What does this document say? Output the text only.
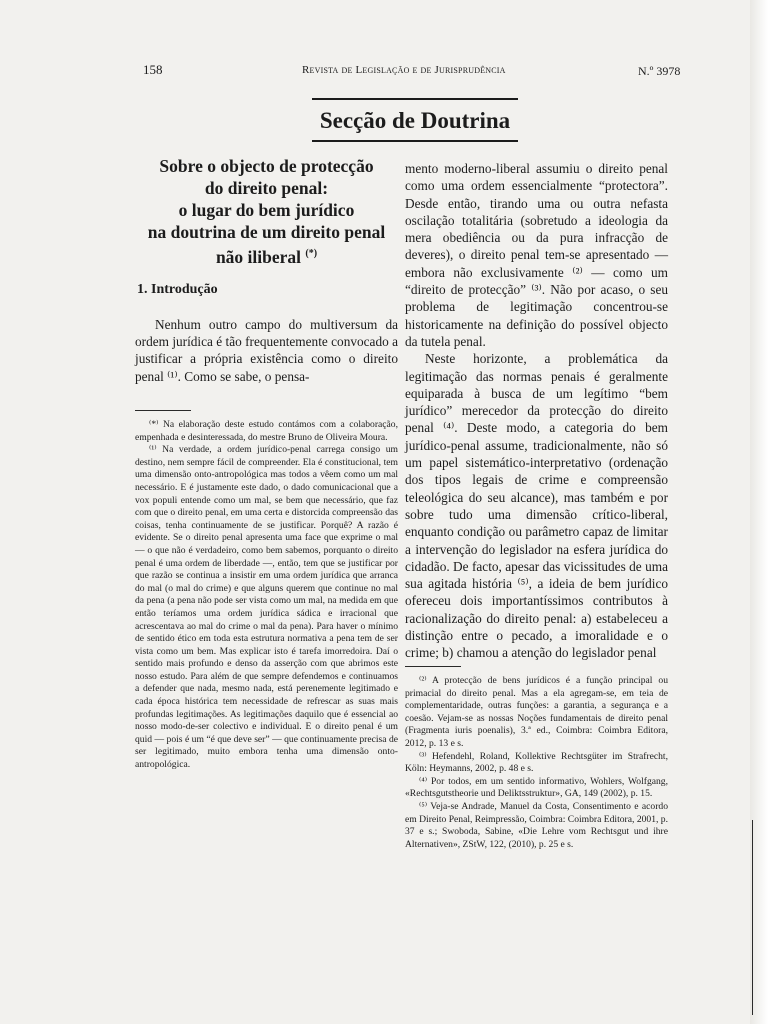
158	Revista de Legislação e de Jurisprudência	N.º 3978
Secção de Doutrina
Sobre o objecto de protecção
do direito penal:
o lugar do bem jurídico
na doutrina de um direito penal
não iliberal (*)
1. Introdução

Nenhum outro campo do multiversum da ordem jurídica é tão frequentemente convocado a justificar a própria existência como o direito penal ⁽¹⁾. Como se sabe, o pensa-

⁽*⁾ Na elaboração deste estudo contámos com a colaboração, empenhada e desinteressada, do mestre Bruno de Oliveira Moura.

⁽¹⁾ Na verdade, a ordem jurídico-penal carrega consigo um destino, nem sempre fácil de compreender. Ela é constitucional, tem uma dimensão onto-antropológica mas todos a vêem como um mal necessário. E é justamente este dado, o dado comunicacional que a vox populi entende como um mal, se bem que necessário, que faz com que o direito penal, em uma certa e distorcida compreensão das coisas, tenha continuamente de se justificar. Porquê? A razão é evidente. Se o direito penal apresenta uma face que exprime o mal — o que não é verdadeiro, como bem sabemos, porquanto o direito penal é uma ordem de liberdade —, então, tem que se justificar por que razão se continua a insistir em uma ordem jurídica que arranca do mal (o mal do crime) e que alguns querem que continue no mal da pena (a pena não pode ser vista como um mal, na medida em que então teríamos uma ordem jurídica sádica e irracional que acrescentava ao mal do crime o mal da pena). Para haver o mínimo de sentido ético em toda esta estrutura normativa a pena tem de ser vista como um bem. Mas explicar isto é tarefa imorredoira. Daí o sentido mais profundo e denso da asserção com que abrimos este nosso estudo. Para além de que sempre defendemos e continuamos a defender que nada, mesmo nada, está perenemente legitimado e cada época histórica tem necessidade de refrescar as suas mais profundas legitimações. As legitimações daquilo que é essencial ao nosso modo-de-ser colectivo e individual. E o direito penal é um quid — pois é um “é que deve ser” — que continuamente precisa de ser legitimado, muito embora tenha uma dimensão onto-antropológica.

mento moderno-liberal assumiu o direito penal como uma ordem essencialmente “protectora”. Desde então, tirando uma ou outra nefasta oscilação totalitária (sobretudo a ideologia da mera obediência ou da pura infracção de deveres), o direito penal tem-se apresentado — embora não exclusivamente ⁽²⁾ — como um “direito de protecção” ⁽³⁾. Não por acaso, o seu problema de legitimação concentrou-se historicamente na definição do possível objecto da tutela penal.

Neste horizonte, a problemática da legitimação das normas penais é geralmente equiparada à busca de um legítimo “bem jurídico” merecedor da protecção do direito penal ⁽⁴⁾. Deste modo, a categoria do bem jurídico-penal assume, tradicionalmente, não só um papel sistemático-interpretativo (ordenação dos tipos legais de crime e compreensão teleológica do seu alcance), mas também e por sobre tudo uma dimensão crítico-liberal, enquanto condição ou parâmetro capaz de limitar a intervenção do legislador na esfera jurídica do cidadão. De facto, apesar das vicissitudes de uma sua agitada história ⁽⁵⁾, a ideia de bem jurídico ofereceu dois importantíssimos contributos à racionalização do direito penal: a) estabeleceu a distinção entre o pecado, a imoralidade e o crime; b) chamou a atenção do legislador penal

⁽²⁾ A protecção de bens jurídicos é a função principal ou primacial do direito penal. Mas a ela agregam-se, em teia de complementaridade, outras funções: a garantia, a segurança e a coesão. Vejam-se as nossas Noções fundamentais de direito penal (Fragmenta iuris poenalis), 3.ª ed., Coimbra: Coimbra Editora, 2012, p. 13 e s.

⁽³⁾ Hefendehl, Roland, Kollektive Rechtsgüter im Strafrecht, Köln: Heymanns, 2002, p. 48 e s.

⁽⁴⁾ Por todos, em um sentido informativo, Wohlers, Wolfgang, «Rechtsgutstheorie und Deliktsstruktur», GA, 149 (2002), p. 15.

⁽⁵⁾ Veja-se Andrade, Manuel da Costa, Consentimento e acordo em Direito Penal, Reimpressão, Coimbra: Coimbra Editora, 2001, p. 37 e s.; Swoboda, Sabine, «Die Lehre vom Rechtsgut und ihre Alternativen», ZStW, 122, (2010), p. 25 e s.
